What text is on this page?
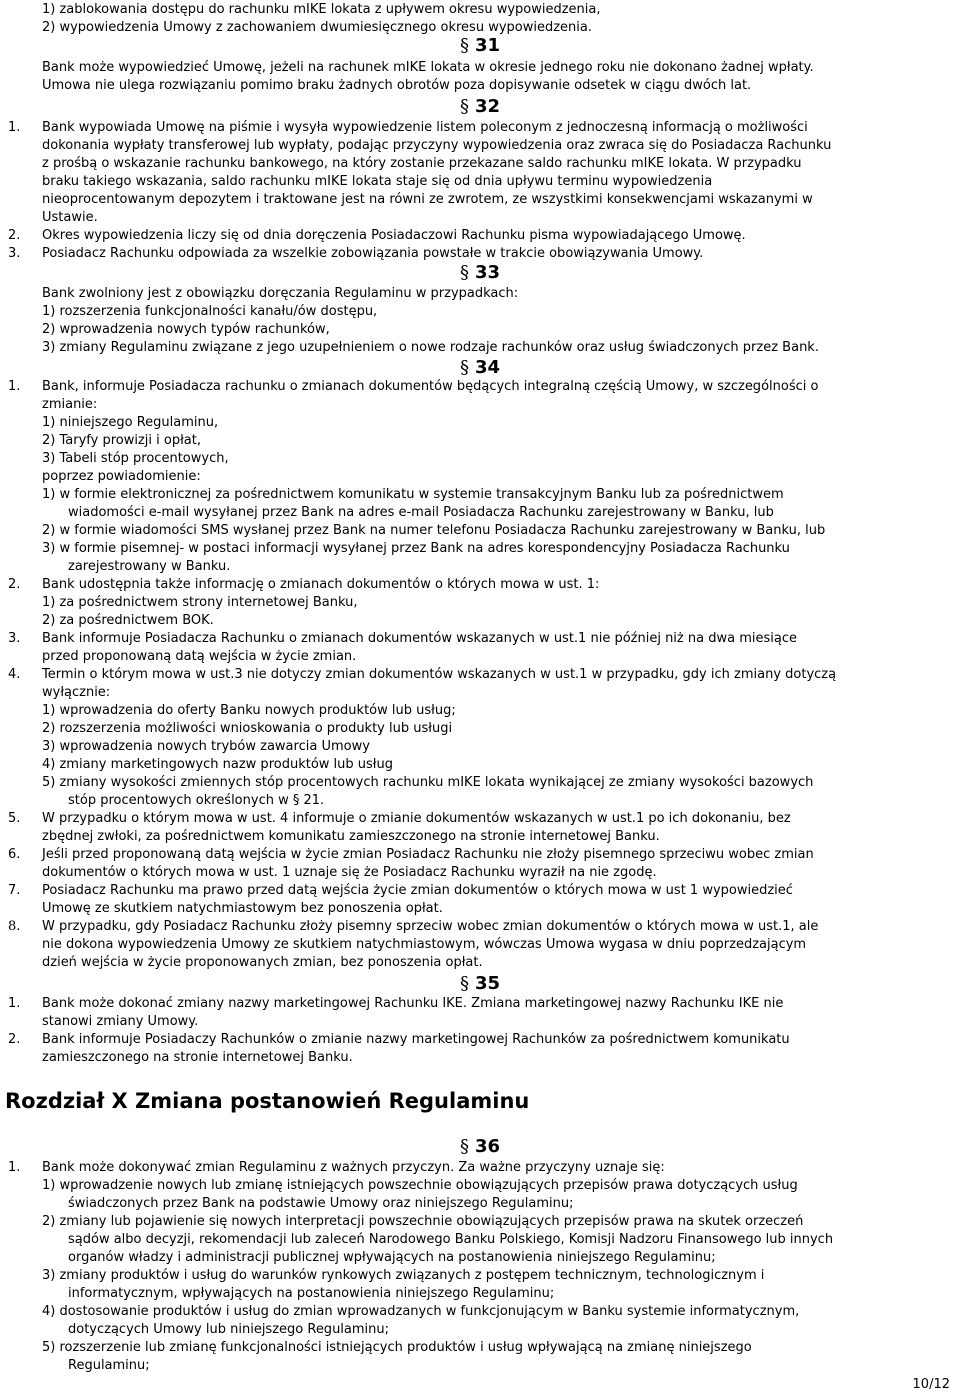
1) zablokowania dostępu do rachunku mIKE lokata z upływem okresu wypowiedzenia,
2) wypowiedzenia Umowy z zachowaniem dwumiesięcznego okresu wypowiedzenia.
§ 31
Bank może wypowiedzieć Umowę, jeżeli na rachunek mIKE lokata w okresie jednego roku nie dokonano żadnej wpłaty.
Umowa nie ulega rozwiązaniu pomimo braku żadnych obrotów poza dopisywanie odsetek w ciągu dwóch lat.
§ 32
1. Bank wypowiada Umowę na piśmie i wysyła wypowiedzenie listem poleconym z jednoczesną informacją o możliwości
dokonania wypłaty transferowej lub wypłaty, podając przyczyny wypowiedzenia oraz zwraca się do Posiadacza Rachunku
z prośbą o wskazanie rachunku bankowego, na który zostanie przekazane saldo rachunku mIKE lokata. W przypadku
braku takiego wskazania, saldo rachunku mIKE lokata staje się od dnia upływu terminu wypowiedzenia
nieoprocentowanym depozytem i traktowane jest na równi ze zwrotem, ze wszystkimi konsekwencjami wskazanymi w
Ustawie.
2. Okres wypowiedzenia liczy się od dnia doręczenia Posiadaczowi Rachunku pisma wypowiadającego Umowę.
3. Posiadacz Rachunku odpowiada za wszelkie zobowiązania powstałe w trakcie obowiązywania Umowy.
§ 33
Bank zwolniony jest z obowiązku doręczania Regulaminu w przypadkach:
1) rozszerzenia funkcjonalności kanału/ów dostępu,
2) wprowadzenia nowych typów rachunków,
3) zmiany Regulaminu związane z jego uzupełnieniem o nowe rodzaje rachunków oraz usług świadczonych przez Bank.
§ 34
1. Bank, informuje Posiadacza rachunku o zmianach dokumentów będących integralną częścią Umowy, w szczególności o
zmianie:
1) niniejszego Regulaminu,
2) Taryfy prowizji i opłat,
3) Tabeli stóp procentowych,
poprzez powiadomienie:
1) w formie elektronicznej za pośrednictwem komunikatu w systemie transakcyjnym Banku lub za pośrednictwem
wiadomości e-mail wysyłanej przez Bank na adres e-mail Posiadacza Rachunku zarejestrowany w Banku, lub
2) w formie wiadomości SMS wysłanej przez Bank na numer telefonu Posiadacza Rachunku zarejestrowany w Banku, lub
3) w formie pisemnej- w postaci informacji wysyłanej przez Bank na adres korespondencyjny Posiadacza Rachunku
zarejestrowany w Banku.
2. Bank udostępnia także informację o zmianach dokumentów o których mowa w ust. 1:
1) za pośrednictwem strony internetowej Banku,
2) za pośrednictwem BOK.
3. Bank informuje Posiadacza Rachunku o zmianach dokumentów wskazanych w ust.1 nie później niż na dwa miesiące
przed proponowaną datą wejścia w życie zmian.
4. Termin o którym mowa w ust.3 nie dotyczy zmian dokumentów wskazanych w ust.1 w przypadku, gdy ich zmiany dotyczą
wyłącznie:
1) wprowadzenia do oferty Banku nowych produktów lub usług;
2) rozszerzenia możliwości wnioskowania o produkty lub usługi
3) wprowadzenia nowych trybów zawarcia Umowy
4) zmiany marketingowych nazw produktów lub usług
5) zmiany wysokości zmiennych stóp procentowych rachunku mIKE lokata wynikającej ze zmiany wysokości bazowych
stóp procentowych określonych w § 21.
5. W przypadku o którym mowa w ust. 4 informuje o zmianie dokumentów wskazanych w ust.1 po ich dokonaniu, bez
zbędnej zwłoki, za pośrednictwem komunikatu zamieszczonego na stronie internetowej Banku.
6. Jeśli przed proponowaną datą wejścia w życie zmian Posiadacz Rachunku nie złoży pisemnego sprzeciwu wobec zmian
dokumentów o których mowa w ust. 1 uznaje się że Posiadacz Rachunku wyraził na nie zgodę.
7. Posiadacz Rachunku ma prawo przed datą wejścia życie zmian dokumentów o których mowa w ust 1 wypowiedzieć
Umowę ze skutkiem natychmiastowym bez ponoszenia opłat.
8. W przypadku, gdy Posiadacz Rachunku złoży pisemny sprzeciw wobec zmian dokumentów o których mowa w ust.1, ale
nie dokona wypowiedzenia Umowy ze skutkiem natychmiastowym, wówczas Umowa wygasa w dniu poprzedzającym
dzień wejścia w życie proponowanych zmian, bez ponoszenia opłat.
§ 35
1. Bank może dokonać zmiany nazwy marketingowej Rachunku IKE. Zmiana marketingowej nazwy Rachunku IKE nie
stanowi zmiany Umowy.
2. Bank informuje Posiadaczy Rachunków o zmianie nazwy marketingowej Rachunków za pośrednictwem komunikatu
zamieszczonego na stronie internetowej Banku.
Rozdział X Zmiana postanowień Regulaminu
§ 36
1. Bank może dokonywać zmian Regulaminu z ważnych przyczyn. Za ważne przyczyny uznaje się:
1) wprowadzenie nowych lub zmianę istniejących powszechnie obowiązujących przepisów prawa dotyczących usług
świadczonych przez Bank na podstawie Umowy oraz niniejszego Regulaminu;
2) zmiany lub pojawienie się nowych interpretacji powszechnie obowiązujących przepisów prawa na skutek orzeczeń
sądów albo decyzji, rekomendacji lub zaleceń Narodowego Banku Polskiego, Komisji Nadzoru Finansowego lub innych
organów władzy i administracji publicznej wpływających na postanowienia niniejszego Regulaminu;
3) zmiany produktów i usług do warunków rynkowych związanych z postępem technicznym, technologicznym i
informatycznym, wpływających na postanowienia niniejszego Regulaminu;
4) dostosowanie produktów i usług do zmian wprowadzanych w funkcjonującym w Banku systemie informatycznym,
dotyczących Umowy lub niniejszego Regulaminu;
5) rozszerzenie lub zmianę funkcjonalności istniejących produktów i usług wpływającą na zmianę niniejszego
Regulaminu;
10/12
